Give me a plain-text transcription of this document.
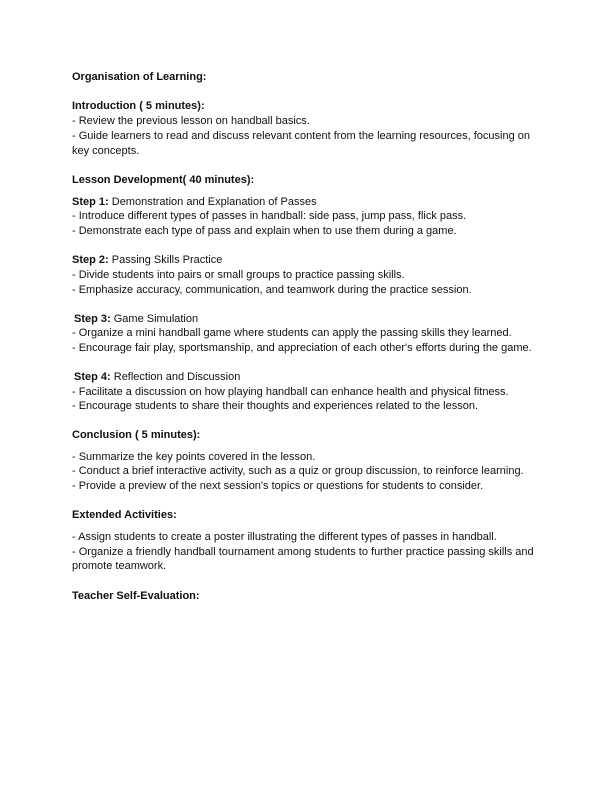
Organisation of Learning:
Introduction ( 5 minutes):
- Review the previous lesson on handball basics.
- Guide learners to read and discuss relevant content from the learning resources, focusing on
key concepts.
Lesson Development( 40 minutes):
Step 1: Demonstration and Explanation of Passes
- Introduce different types of passes in handball: side pass, jump pass, flick pass.
- Demonstrate each type of pass and explain when to use them during a game.
Step 2: Passing Skills Practice
- Divide students into pairs or small groups to practice passing skills.
- Emphasize accuracy, communication, and teamwork during the practice session.
Step 3: Game Simulation
- Organize a mini handball game where students can apply the passing skills they learned.
- Encourage fair play, sportsmanship, and appreciation of each other's efforts during the game.
Step 4: Reflection and Discussion
- Facilitate a discussion on how playing handball can enhance health and physical fitness.
- Encourage students to share their thoughts and experiences related to the lesson.
Conclusion ( 5 minutes):
- Summarize the key points covered in the lesson.
- Conduct a brief interactive activity, such as a quiz or group discussion, to reinforce learning.
- Provide a preview of the next session's topics or questions for students to consider.
Extended Activities:
- Assign students to create a poster illustrating the different types of passes in handball.
- Organize a friendly handball tournament among students to further practice passing skills and
promote teamwork.
Teacher Self-Evaluation:
